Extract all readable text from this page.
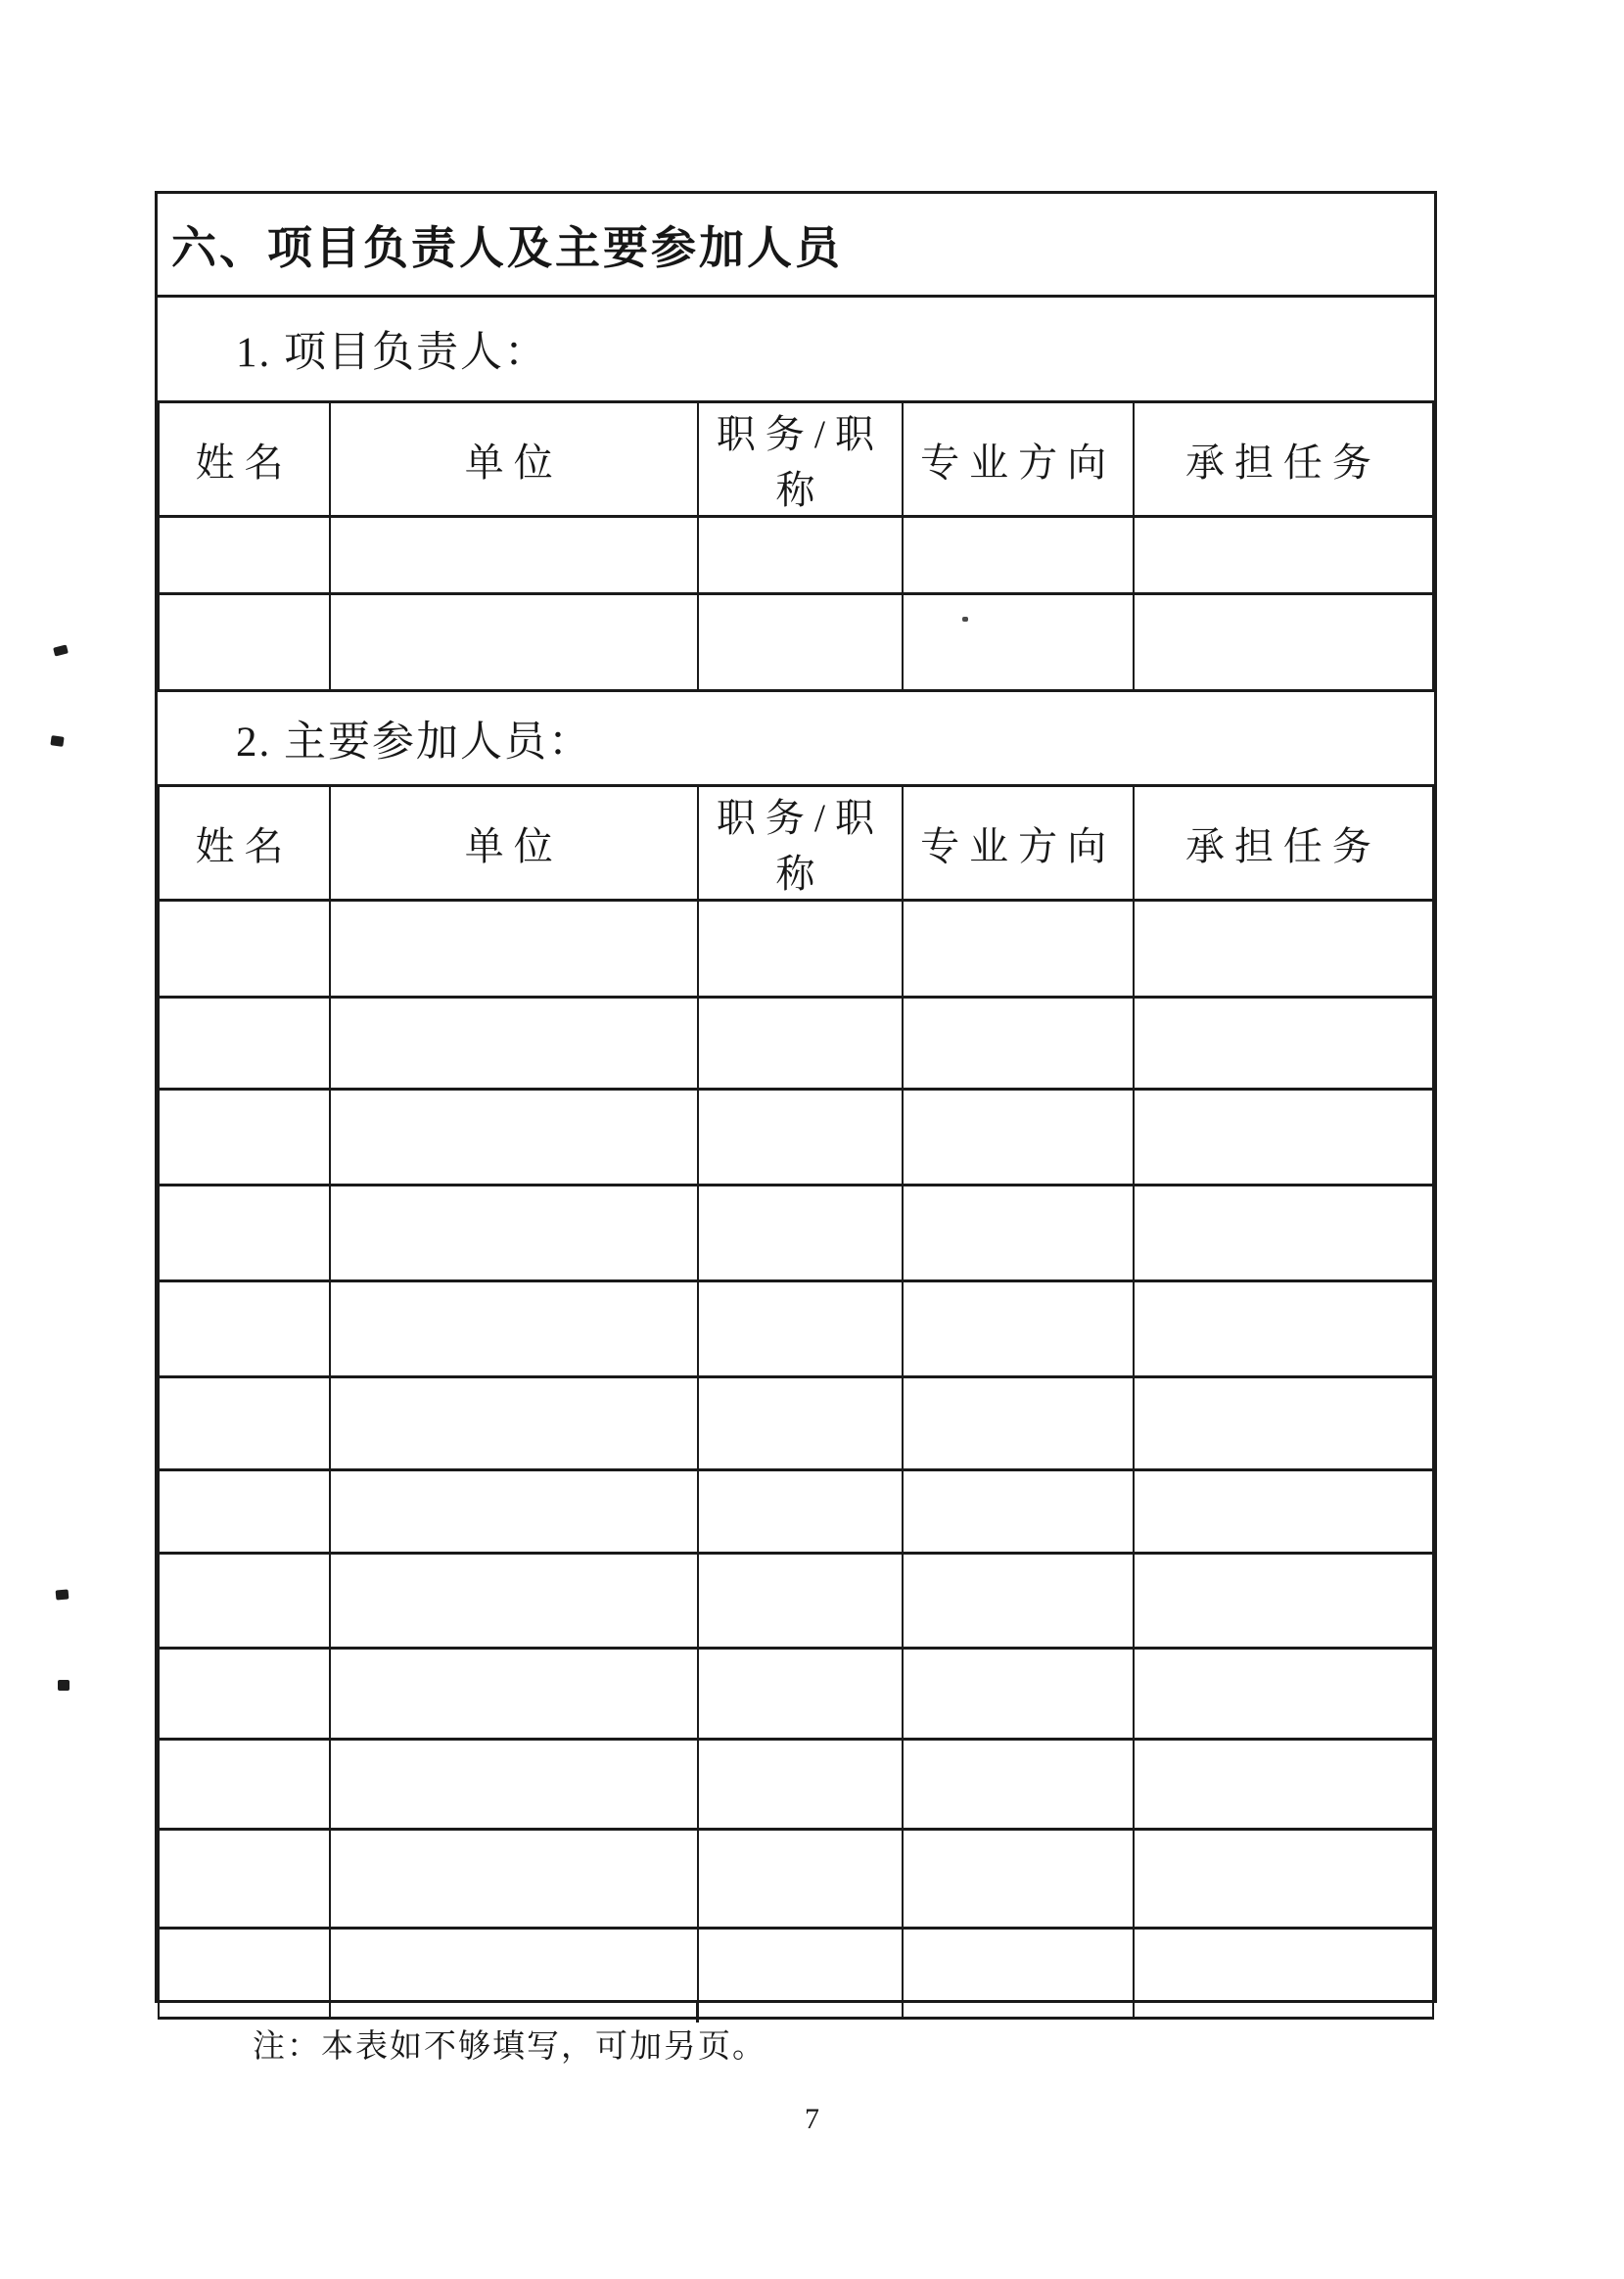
六、项目负责人及主要参加人员
1. 项目负责人：
姓名	单位	职务/职称	专业方向	承担任务

2. 主要参加人员：
姓名	单位	职务/职称	专业方向	承担任务

注：本表如不够填写，可加另页。
7
